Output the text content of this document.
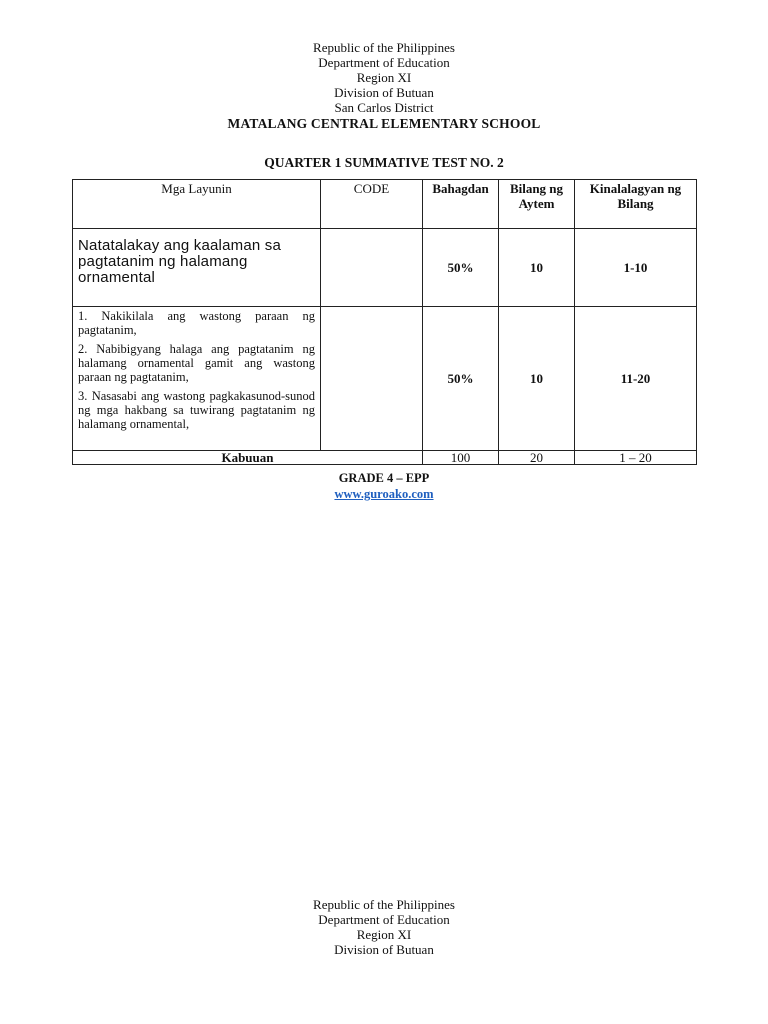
Republic of the Philippines
Department of Education
Region XI
Division of Butuan
San Carlos District
MATALANG CENTRAL ELEMENTARY SCHOOL
QUARTER 1 SUMMATIVE TEST NO. 2
Mga Layunin	CODE	Bahagdan	Bilang ng Aytem	Kinalalagyan ng Bilang
Natatalakay ang kaalaman sa pagtatanim ng halamang ornamental		50%	10	1-10

1. Nakikilala ang wastong paraan ng pagtatanim,

2. Nabibigyang halaga ang pagtatanim ng halamang ornamental gamit ang wastong paraan ng pagtatanim,

3. Nasasabi ang wastong pagkakasunod-sunod ng mga hakbang sa tuwirang pagtatanim ng halamang ornamental,		50%	10	11-20
Kabuuan		100	20	1 – 20
GRADE 4 – EPP
www.guroako.com
Republic of the Philippines
Department of Education
Region XI
Division of Butuan
